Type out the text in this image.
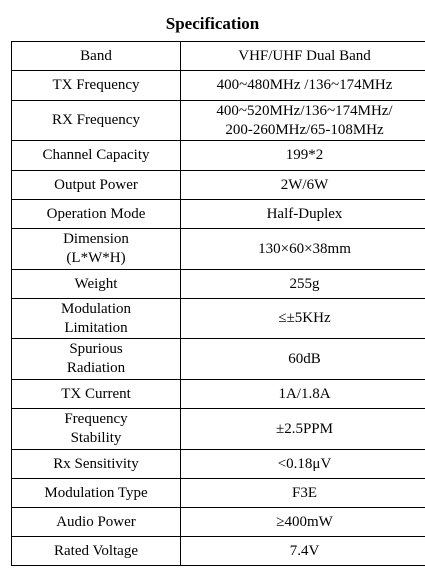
Specification
Band	VHF/UHF Dual Band
TX Frequency	400~480MHz /136~174MHz
RX Frequency	400~520MHz/136~174MHz/
200-260MHz/65-108MHz
Channel Capacity	199*2
Output Power	2W/6W
Operation Mode	Half-Duplex
Dimension
(L*W*H)	130×60×38mm
Weight	255g
Modulation
Limitation	≤±5KHz
Spurious
Radiation	60dB
TX Current	1A/1.8A
Frequency
Stability	±2.5PPM
Rx Sensitivity	<0.18μV
Modulation Type	F3E
Audio Power	≥400mW
Rated Voltage	7.4V
